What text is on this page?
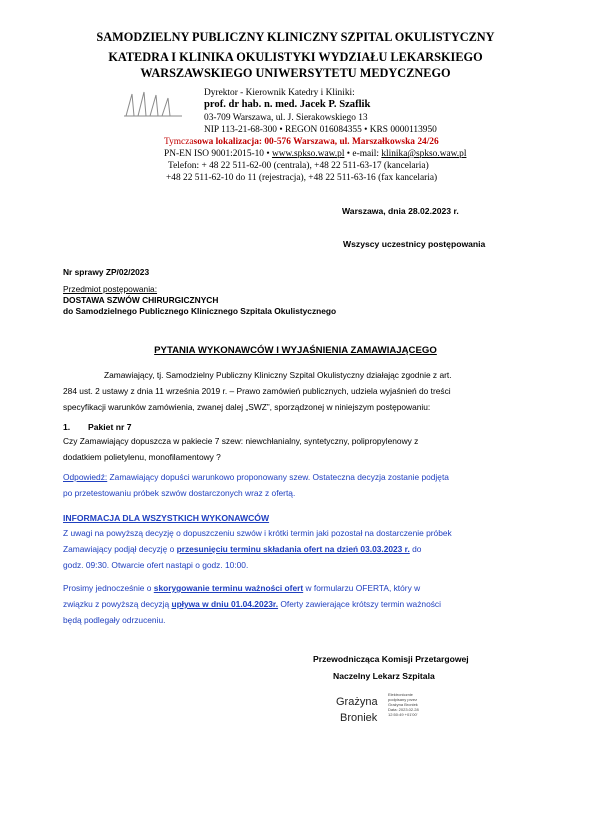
SAMODZIELNY PUBLICZNY KLINICZNY SZPITAL OKULISTYCZNY
KATEDRA I KLINIKA OKULISTYKI WYDZIAŁU LEKARSKIEGO
WARSZAWSKIEGO UNIWERSYTETU MEDYCZNEGO
Dyrektor - Kierownik Katedry i Kliniki:
prof. dr hab. n. med. Jacek P. Szaflik
03-709 Warszawa, ul. J. Sierakowskiego 13
NIP 113-21-68-300 • REGON 016084355 • KRS 0000113950
Tymczasowa lokalizacja: 00-576 Warszawa, ul. Marszałkowska 24/26
PN-EN ISO 9001:2015-10 • www.spkso.waw.pl • e-mail: klinika@spkso.waw.pl
Telefon: + 48 22 511-62-00 (centrala), +48 22 511-63-17 (kancelaria)
+48 22 511-62-10 do 11 (rejestracja), +48 22 511-63-16 (fax kancelaria)
Warszawa, dnia 28.02.2023 r.
Wszyscy uczestnicy postępowania
Nr sprawy ZP/02/2023
Przedmiot postępowania:
DOSTAWA SZWÓW CHIRURGICZNYCH
do Samodzielnego Publicznego Klinicznego Szpitala Okulistycznego
PYTANIA WYKONAWCÓW I WYJAŚNIENIA ZAMAWIAJĄCEGO
Zamawiający, tj. Samodzielny Publiczny Kliniczny Szpital Okulistyczny działając zgodnie z art.
284 ust. 2 ustawy z dnia 11 września 2019 r. – Prawo zamówień publicznych, udziela wyjaśnień do treści
specyfikacji warunków zamówienia, zwanej dalej „SWZ”, sporządzonej w niniejszym postępowaniu:
1. Pakiet nr 7
Czy Zamawiający dopuszcza w pakiecie 7 szew: niewchłanialny, syntetyczny, polipropylenowy z
dodatkiem polietylenu, monofilamentowy ?
Odpowiedź: Zamawiający dopuści warunkowo proponowany szew. Ostateczna decyzja zostanie podjęta
po przetestowaniu próbek szwów dostarczonych wraz z ofertą.
INFORMACJA DLA WSZYSTKICH WYKONAWCÓW
Z uwagi na powyższą decyzję o dopuszczeniu szwów i krótki termin jaki pozostał na dostarczenie próbek
Zamawiający podjął decyzję o przesunięciu terminu składania ofert na dzień 03.03.2023 r. do
godz. 09:30. Otwarcie ofert nastąpi o godz. 10:00.
Prosimy jednocześnie o skorygowanie terminu ważności ofert w formularzu OFERTA, który w
związku z powyższą decyzją upływa w dniu 01.04.2023r. Oferty zawierające krótszy termin ważności
będą podlegały odrzuceniu.
Przewodnicząca Komisji Przetargowej
Naczelny Lekarz Szpitala
Grażyna
Broniek
Elektronicznie
podpisany przez
Grażyna Broniek
Data: 2023.02.28
12:50:49 +01'00'
